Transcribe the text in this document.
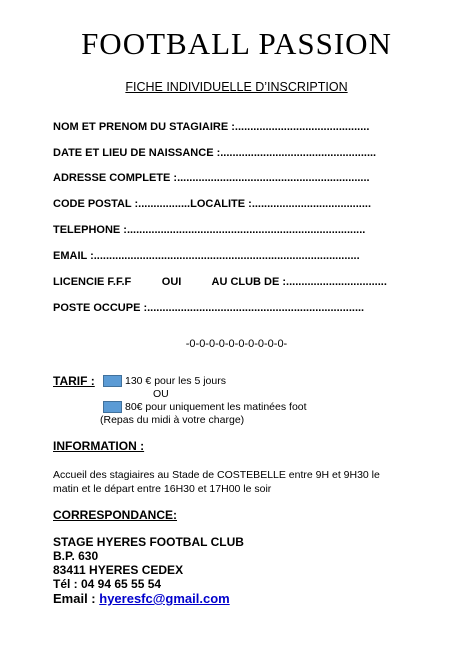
FOOTBALL PASSION
FICHE INDIVIDUELLE D’INSCRIPTION
NOM ET PRENOM DU STAGIAIRE :............................................
DATE ET LIEU DE NAISSANCE :...................................................
ADRESSE COMPLETE :...............................................................
CODE POSTAL :.................LOCALITE :.......................................
TELEPHONE :..............................................................................
EMAIL :.......................................................................................
LICENCIE F.F.F          OUI          AU CLUB DE :.................................
POSTE OCCUPE :.......................................................................
-0-0-0-0-0-0-0-0-0-0-
TARIF :	130 € pour les 5 jours
OU
80€ pour uniquement les matinées foot
(Repas du midi à votre charge)
INFORMATION :
Accueil des stagiaires au Stade de COSTEBELLE entre 9H et 9H30 le
matin et le départ entre 16H30 et 17H00 le soir
CORRESPONDANCE:
STAGE HYERES FOOTBAL CLUB
B.P. 630
83411 HYERES CEDEX
Tél : 04 94 65 55 54
Email : hyeresfc@gmail.com
